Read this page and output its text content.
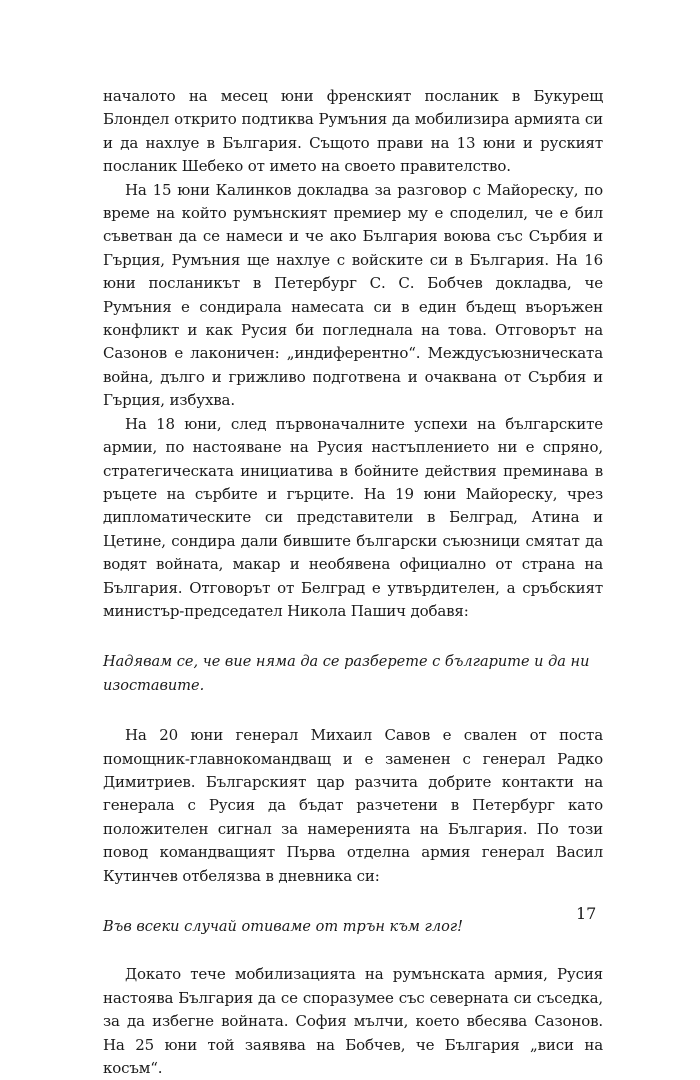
началото на месец юни френският посланик в Букурещ Блондел открито подтиква Румъния да мобилизира армията си и да нахлуе в България. Същото прави на 13 юни и руският посланик Шебеко от името на своето правителство.

На 15 юни Калинков докладва за разговор с Майореску, по време на който румънският премиер му е споделил, че е бил съветван да се намеси и че ако България воюва със Сърбия и Гърция, Румъния ще нахлуе с войските си в България. На 16 юни посланикът в Петербург С. С. Бобчев докладва, че Румъния е сондирала намесата си в един бъдещ въоръжен конфликт и как Русия би погледнала на това. Отговорът на Сазонов е лаконичен: „индиферентно“. Междусъюзническата война, дълго и грижливо подготвена и очаквана от Сърбия и Гърция, избухва.

На 18 юни, след първоначалните успехи на българските армии, по настояване на Русия настъплението ни е спряно, стратегическата инициатива в бойните действия преминава в ръцете на сърбите и гърците. На 19 юни Майореску, чрез дипломатическите си представители в Белград, Атина и Цетине, сондира дали бившите български съюзници смятат да водят войната, макар и необявена официално от страна на България. Отговорът от Белград е утвърдителен, а сръбският министър-председател Никола Пашич добавя:

Надявам се, че вие няма да се разберете с българите и да ни изоставите.

На 20 юни генерал Михаил Савов е свален от поста помощник-главнокомандващ и е заменен с генерал Радко Димитриев. Българският цар разчита добрите контакти на генерала с Русия да бъдат разчетени в Петербург като положителен сигнал за намеренията на България. По този повод командващият Първа отделна армия генерал Васил Кутинчев отбелязва в дневника си:

Във всеки случай отиваме от трън към глог!

Докато тече мобилизацията на румънската армия, Русия настоява България да се споразумее със северната си съседка, за да избегне войната. София мълчи, което вбесява Сазонов. На 25 юни той заявява на Бобчев, че България „виси на косъм“.

17
